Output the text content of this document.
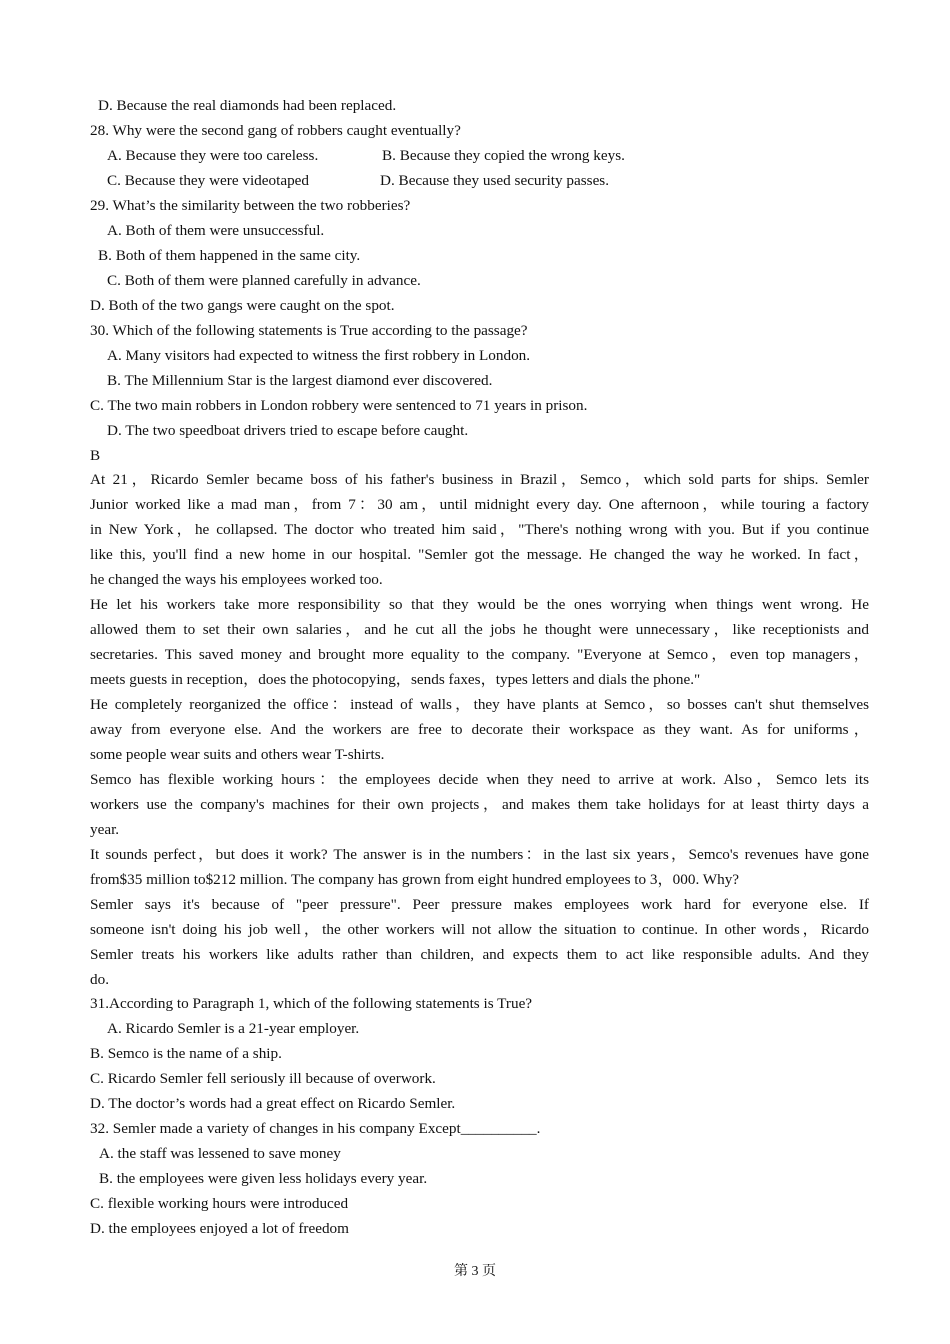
D. Because the real diamonds had been replaced.
28. Why were the second gang of robbers caught eventually?
A. Because they were too careless.	B. Because they copied the wrong keys.
C. Because they were videotaped	D. Because they used security passes.
29. What’s the similarity between the two robberies?
A. Both of them were unsuccessful.
B. Both of them happened in the same city.
C. Both of them were planned carefully in advance.
D. Both of the two gangs were caught on the spot.
30. Which of the following statements is True according to the passage?
A. Many visitors had expected to witness the first robbery in London.
B. The Millennium Star is the largest diamond ever discovered.
C. The two main robbers in London robbery were sentenced to 71 years in prison.
D. The two speedboat drivers tried to escape before caught.
B
At 21，Ricardo Semler became boss of his father's business in Brazil，Semco，which sold parts for ships. Semler
Junior worked like a mad man，from 7：30 am，until midnight every day. One afternoon，while touring a factory
in New York，he collapsed. The doctor who treated him said，"There's nothing wrong with you. But if you continue
like this, you'll find a new home in our hospital. "Semler got the message. He changed the way he worked. In fact，
he changed the ways his employees worked too.
He let his workers take more responsibility so that they would be the ones worrying when things went wrong. He
allowed them to set their own salaries，and he cut all the jobs he thought were unnecessary，like receptionists and
secretaries. This saved money and brought more equality to the company. "Everyone at Semco，even top managers，
meets guests in reception，does the photocopying，sends faxes，types letters and dials the phone."
He completely reorganized the office：instead of walls，they have plants at Semco，so bosses can't shut themselves
away from everyone else. And the workers are free to decorate their workspace as they want. As for uniforms，
some people wear suits and others wear T-shirts.
Semco has flexible working hours：the employees decide when they need to arrive at work. Also，Semco lets its
workers use the company's machines for their own projects，and makes them take holidays for at least thirty days a
year.
It sounds perfect，but does it work? The answer is in the numbers：in the last six years，Semco's revenues have gone
from$35 million to$212 million. The company has grown from eight hundred employees to 3，000. Why?
Semler says it's because of "peer pressure". Peer pressure makes employees work hard for everyone else. If
someone isn't doing his job well，the other workers will not allow the situation to continue. In other words，Ricardo
Semler treats his workers like adults rather than children, and expects them to act like responsible adults. And they
do.
31.According to Paragraph 1, which of the following statements is True?
A. Ricardo Semler is a 21-year employer.
B. Semco is the name of a ship.
C. Ricardo Semler fell seriously ill because of overwork.
D. The doctor’s words had a great effect on Ricardo Semler.
32. Semler made a variety of changes in his company Except__________.
A. the staff was lessened to save money
B. the employees were given less holidays every year.
C. flexible working hours were introduced
D. the employees enjoyed a lot of freedom
第 3 页
